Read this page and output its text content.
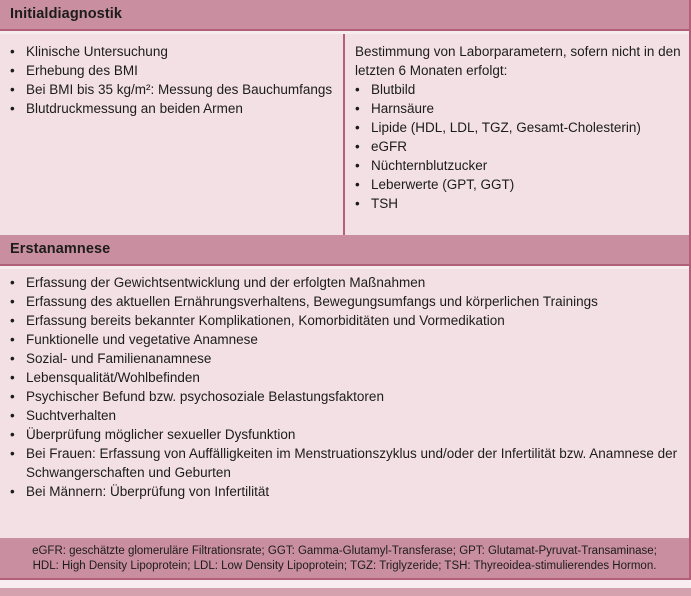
Initialdiagnostik
•
Klinische Untersuchung
•
Erhebung des BMI
•
Bei BMI bis 35 kg/m²: Messung des Bauchumfangs
•
Blutdruckmessung an beiden Armen

Bestimmung von Laborparametern, sofern nicht in den letzten 6 Monaten erfolgt:

•
Blutbild
•
Harnsäure
•
Lipide (HDL, LDL, TGZ, Gesamt-Cholesterin)
•
eGFR
•
Nüchternblutzucker
•
Leberwerte (GPT, GGT)
•
TSH
Erstanamnese
•
Erfassung der Gewichtsentwicklung und der erfolgten Maßnahmen
•
Erfassung des aktuellen Ernährungsverhaltens, Bewegungsumfangs und körperlichen Trainings
•
Erfassung bereits bekannter Komplikationen, Komorbiditäten und Vormedikation
•
Funktionelle und vegetative Anamnese
•
Sozial- und Familienanamnese
•
Lebensqualität/Wohlbefinden
•
Psychischer Befund bzw. psychosoziale Belastungsfaktoren
•
Suchtverhalten
•
Überprüfung möglicher sexueller Dysfunktion
•
Bei Frauen: Erfassung von Auffälligkeiten im Menstruationszyklus und/oder der Infertilität bzw. Anamnese der Schwangerschaften und Geburten
•
Bei Männern: Überprüfung von Infertilität
eGFR: geschätzte glomeruläre Filtrationsrate; GGT: Gamma-Glutamyl-Transferase; GPT: Glutamat-Pyruvat-Transaminase;
HDL: High Density Lipoprotein; LDL: Low Density Lipoprotein; TGZ: Triglyzeride; TSH: Thyreoidea-stimulierendes Hormon.
